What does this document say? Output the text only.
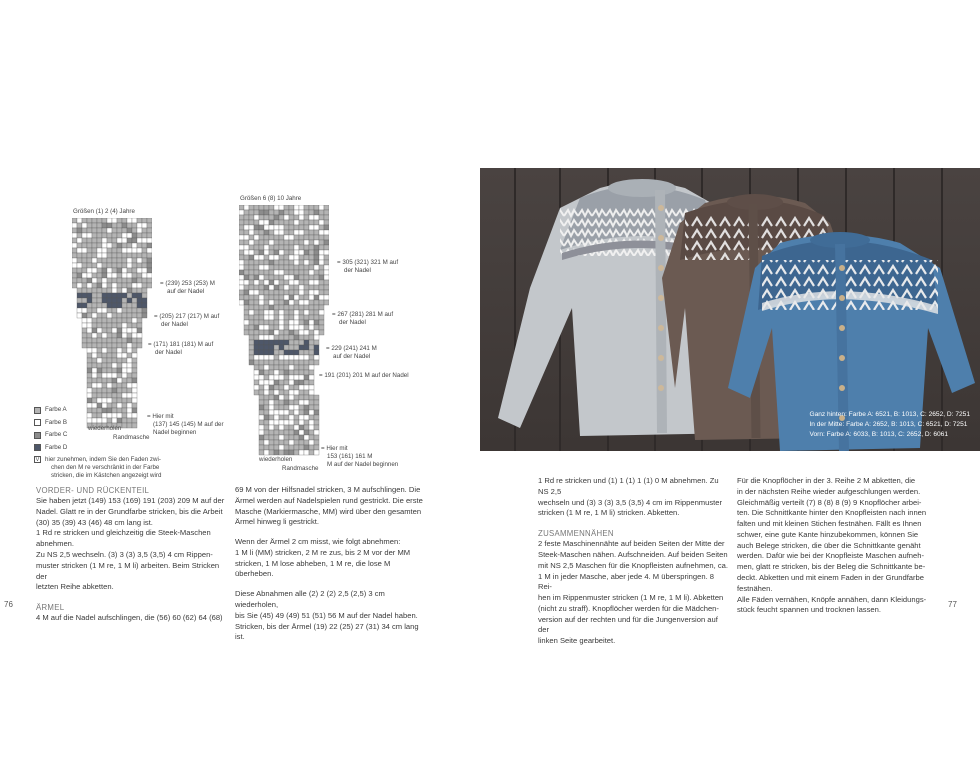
Größen (1) 2 (4) Jahre
= (239) 253 (253) M
auf der Nadel
= (205) 217 (217) M auf
der Nadel
= (171) 181 (181) M auf
der Nadel
= Hier mit
(137) 145 (145) M auf der
Nadel beginnen
wiederholen
Randmasche
Größen 6 (8) 10 Jahre
= 305 (321) 321 M auf
der Nadel
= 267 (281) 281 M auf
der Nadel
= 229 (241) 241 M
auf der Nadel
= 191 (201) 201 M auf der Nadel
= Hier mit
153 (161) 161 M
M auf der Nadel beginnen
wiederholen
Randmasche
Farbe A
Farbe B
Farbe C
Farbe D
V hier zunehmen, indem Sie den Faden zwi-
chen den M re verschränkt in der Farbe
stricken, die im Kästchen angezeigt wird
VORDER- UND RÜCKENTEIL

Sie haben jetzt (149) 153 (169) 191 (203) 209 M auf der

Nadel. Glatt re in der Grundfarbe stricken, bis die Arbeit

(30) 35 (39) 43 (46) 48 cm lang ist.

1 Rd re stricken und gleichzeitig die Steek-Maschen

abnehmen.

Zu NS 2,5 wechseln. (3) 3 (3) 3,5 (3,5) 4 cm Rippen-

muster stricken (1 M re, 1 M li) arbeiten. Beim Stricken der

letzten Reihe abketten.

ÄRMEL

4 M auf die Nadel aufschlingen, die (56) 60 (62) 64 (68)

69 M von der Hilfsnadel stricken, 3 M aufschlingen. Die

Ärmel werden auf Nadelspielen rund gestrickt. Die erste

Masche (Markiermasche, MM) wird über den gesamten

Ärmel hinweg li gestrickt.

Wenn der Ärmel 2 cm misst, wie folgt abnehmen:

1 M li (MM) stricken, 2 M re zus, bis 2 M vor der MM

stricken, 1 M lose abheben, 1 M re, die lose M überheben.

Diese Abnahmen alle (2) 2 (2) 2,5 (2,5) 3 cm wiederholen,

bis Sie (45) 49 (49) 51 (51) 56 M auf der Nadel haben.

Stricken, bis der Ärmel (19) 22 (25) 27 (31) 34 cm lang ist.

76
Ganz hinten: Farbe A: 6521, B: 1013, C: 2652, D: 7251
In der Mitte: Farbe A: 2652, B: 1013, C: 6521, D: 7251
Vorn: Farbe A: 6033, B: 1013, C: 2652, D: 6061

1 Rd re stricken und (1) 1 (1) 1 (1) 0 M abnehmen. Zu NS 2,5

wechseln und (3) 3 (3) 3,5 (3,5) 4 cm im Rippenmuster

stricken (1 M re, 1 M li) stricken. Abketten.

ZUSAMMENNÄHEN

2 feste Maschinennähte auf beiden Seiten der Mitte der

Steek-Maschen nähen. Aufschneiden. Auf beiden Seiten

mit NS 2,5 Maschen für die Knopfleisten aufnehmen, ca.

1 M in jeder Masche, aber jede 4. M überspringen. 8 Rei-

hen im Rippenmuster stricken (1 M re, 1 M li). Abketten

(nicht zu straff). Knopflöcher werden für die Mädchen-

version auf der rechten und für die Jungenversion auf der

linken Seite gearbeitet.

Für die Knopflöcher in der 3. Reihe 2 M abketten, die

in der nächsten Reihe wieder aufgeschlungen werden.

Gleichmäßig verteilt (7) 8 (8) 8 (9) 9 Knopflöcher arbei-

ten. Die Schnittkante hinter den Knopfleisten nach innen

falten und mit kleinen Stichen festnähen. Fällt es Ihnen

schwer, eine gute Kante hinzubekommen, können Sie

auch Belege stricken, die über die Schnittkante genäht

werden. Dafür wie bei der Knopfleiste Maschen aufneh-

men, glatt re stricken, bis der Beleg die Schnittkante be-

deckt. Abketten und mit einem Faden in der Grundfarbe

festnähen.

Alle Fäden vernähen, Knöpfe annähen, dann Kleidungs-

stück feucht spannen und trocknen lassen.

77
